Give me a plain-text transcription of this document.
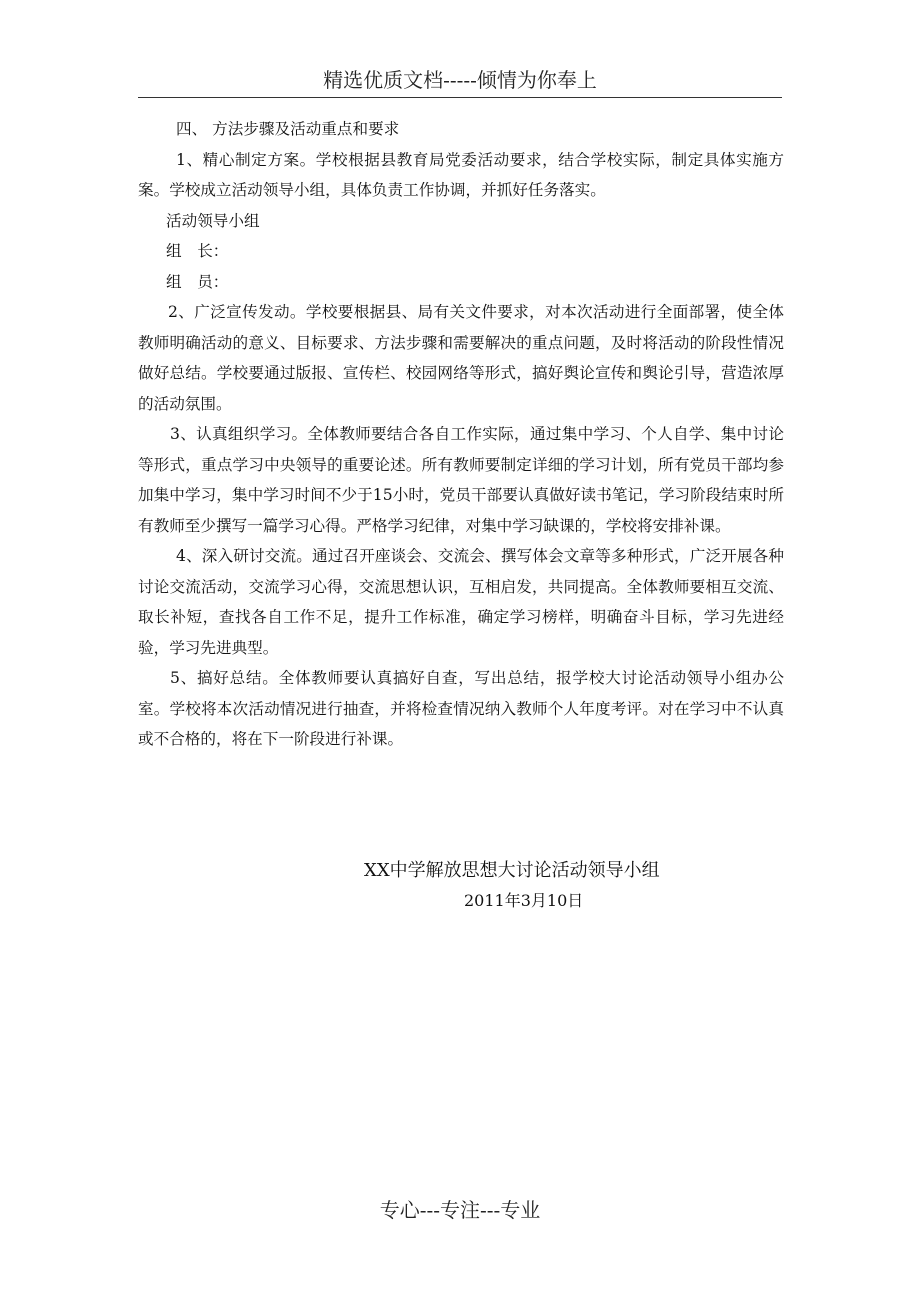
精选优质文档-----倾情为你奉上

四、 方法步骤及活动重点和要求

1、精心制定方案。学校根据县教育局党委活动要求，结合学校实际，制定具体实施方案。学校成立活动领导小组，具体负责工作协调，并抓好任务落实。

活动领导小组

组　长：

组　员：

2、广泛宣传发动。学校要根据县、局有关文件要求，对本次活动进行全面部署，使全体教师明确活动的意义、目标要求、方法步骤和需要解决的重点问题，及时将活动的阶段性情况做好总结。学校要通过版报、宣传栏、校园网络等形式，搞好舆论宣传和舆论引导，营造浓厚的活动氛围。

3、认真组织学习。全体教师要结合各自工作实际，通过集中学习、个人自学、集中讨论等形式，重点学习中央领导的重要论述。所有教师要制定详细的学习计划，所有党员干部均参加集中学习，集中学习时间不少于15小时，党员干部要认真做好读书笔记，学习阶段结束时所有教师至少撰写一篇学习心得。严格学习纪律，对集中学习缺课的，学校将安排补课。

4、深入研讨交流。通过召开座谈会、交流会、撰写体会文章等多种形式，广泛开展各种讨论交流活动，交流学习心得，交流思想认识，互相启发，共同提高。全体教师要相互交流、取长补短，查找各自工作不足，提升工作标准，确定学习榜样，明确奋斗目标，学习先进经验，学习先进典型。

5、搞好总结。全体教师要认真搞好自查，写出总结，报学校大讨论活动领导小组办公室。学校将本次活动情况进行抽查，并将检查情况纳入教师个人年度考评。对在学习中不认真或不合格的，将在下一阶段进行补课。

XX中学解放思想大讨论活动领导小组
2011年3月10日
专心---专注---专业
